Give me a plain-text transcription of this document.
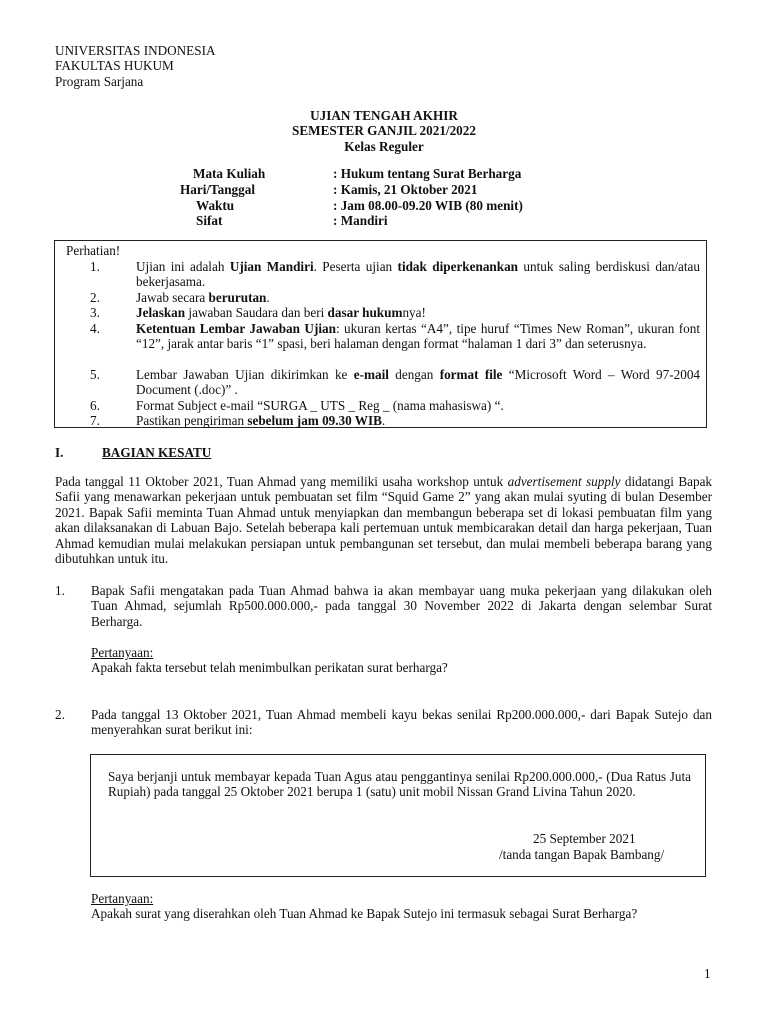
UNIVERSITAS INDONESIA
FAKULTAS HUKUM
Program Sarjana
UJIAN TENGAH AKHIR
SEMESTER GANJIL 2021/2022
Kelas Reguler
Mata Kuliah	: Hukum tentang Surat Berharga
Hari/Tanggal	: Kamis, 21 Oktober 2021
Waktu	: Jam 08.00-09.20 WIB (80 menit)
Sifat	: Mandiri
Perhatian!
1.	Ujian ini adalah Ujian Mandiri. Peserta ujian tidak diperkenankan untuk saling berdiskusi dan/atau bekerjasama.
2.	Jawab secara berurutan.
3.	Jelaskan jawaban Saudara dan beri dasar hukumnya!
4.	Ketentuan Lembar Jawaban Ujian: ukuran kertas “A4”, tipe huruf “Times New Roman”, ukuran font “12”, jarak antar baris “1” spasi, beri halaman dengan format “halaman 1 dari 3” dan seterusnya.
5.	Lembar Jawaban Ujian dikirimkan ke e-mail dengan format file “Microsoft Word – Word 97-2004 Document (.doc)” .
6.	Format Subject e-mail “SURGA _ UTS _ Reg _ (nama mahasiswa) “.
7.	Pastikan pengiriman sebelum jam 09.30 WIB.
I.	BAGIAN KESATU
Pada tanggal 11 Oktober 2021, Tuan Ahmad yang memiliki usaha workshop untuk advertisement supply didatangi Bapak Safii yang menawarkan pekerjaan untuk pembuatan set film “Squid Game 2” yang akan mulai syuting di bulan Desember 2021. Bapak Safii meminta Tuan Ahmad untuk menyiapkan dan membangun beberapa set di lokasi pembuatan film yang akan dilaksanakan di Labuan Bajo. Setelah beberapa kali pertemuan untuk membicarakan detail dan harga pekerjaan, Tuan Ahmad kemudian mulai melakukan persiapan untuk pembangunan set tersebut, dan mulai membeli beberapa barang yang dibutuhkan untuk itu.
1. Bapak Safii mengatakan pada Tuan Ahmad bahwa ia akan membayar uang muka pekerjaan yang dilakukan oleh Tuan Ahmad, sejumlah Rp500.000.000,- pada tanggal 30 November 2022 di Jakarta dengan selembar Surat Berharga.
Pertanyaan:
Apakah fakta tersebut telah menimbulkan perikatan surat berharga?
2. Pada tanggal 13 Oktober 2021, Tuan Ahmad membeli kayu bekas senilai Rp200.000.000,- dari Bapak Sutejo dan menyerahkan surat berikut ini:
Saya berjanji untuk membayar kepada Tuan Agus atau penggantinya senilai Rp200.000.000,- (Dua Ratus Juta Rupiah) pada tanggal 25 Oktober 2021 berupa 1 (satu) unit mobil Nissan Grand Livina Tahun 2020.
25 September 2021
/tanda tangan Bapak Bambang/
Pertanyaan:
Apakah surat yang diserahkan oleh Tuan Ahmad ke Bapak Sutejo ini termasuk sebagai Surat Berharga?
1
